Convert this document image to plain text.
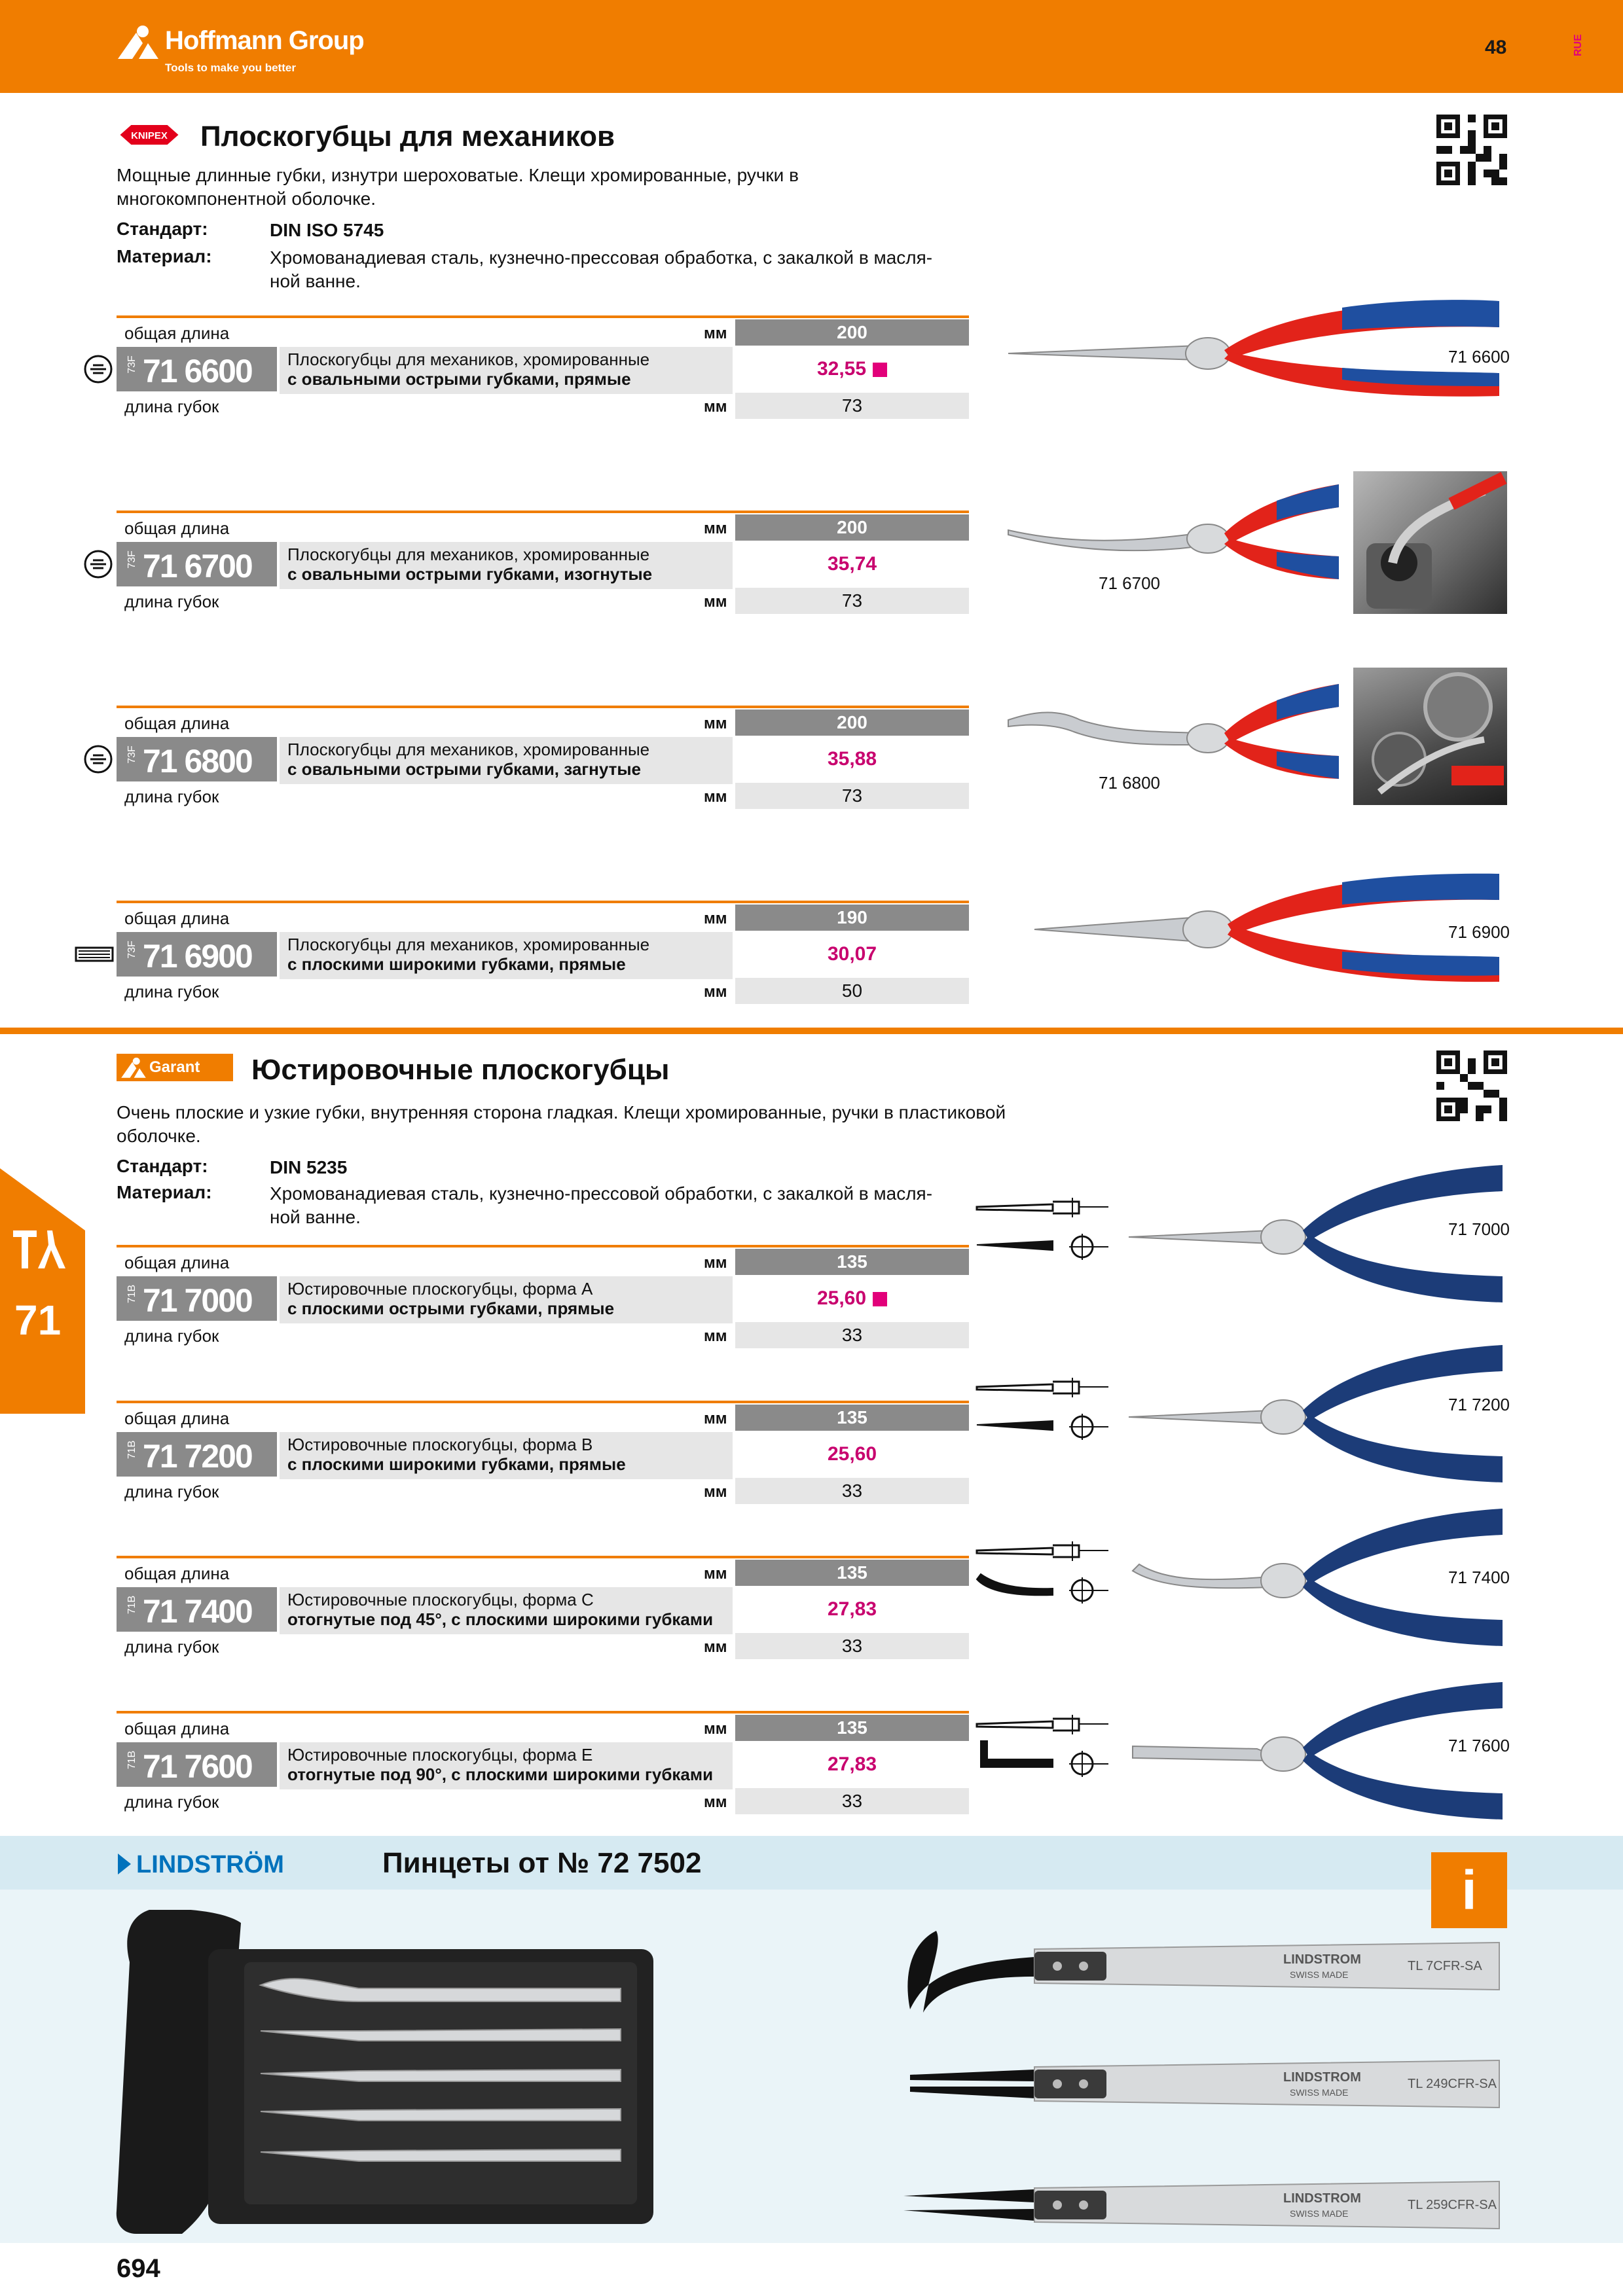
Hoffmann Group
Tools to make you better
48	RUE
KNIPEX Плоскогубцы для механиков
Мощные длинные губки, изнутри шероховатые. Клещи хромированные, ручки в
многокомпонентной оболочке.
Стандарт:	DIN ISO 5745
Материал:	Хромованадиевая сталь, кузнечно-прессовая обработка, с закалкой в масля-
ной ванне.
общая длина	мм	200
73F 71 6600	Плоскогубцы для механиков, хромированные
с овальными острыми губками, прямые	32,55
длина губок	мм	73
общая длина	мм	200
73F 71 6700	Плоскогубцы для механиков, хромированные
с овальными острыми губками, изогнутые	35,74
длина губок	мм	73
общая длина	мм	200
73F 71 6800	Плоскогубцы для механиков, хромированные
с овальными острыми губками, загнутые	35,88
длина губок	мм	73
общая длина	мм	190
73F 71 6900	Плоскогубцы для механиков, хромированные
с плоскими широкими губками, прямые	30,07
длина губок	мм	50
71 6600
71 6700
71 6800
71 6900
Garant Юстировочные плоскогубцы
Очень плоские и узкие губки, внутренняя сторона гладкая. Клещи хромированные, ручки в пластиковой
оболочке.
Стандарт:	DIN 5235
Материал:	Хромованадиевая сталь, кузнечно-прессовой обработки, с закалкой в масля-
ной ванне.
общая длина	мм	135
71B 71 7000	Юстировочные плоскогубцы, форма А
с плоскими острыми губками, прямые	25,60
длина губок	мм	33
общая длина	мм	135
71B 71 7200	Юстировочные плоскогубцы, форма В
с плоскими широкими губками, прямые	25,60
длина губок	мм	33
общая длина	мм	135
71B 71 7400	Юстировочные плоскогубцы, форма С
отогнутые под 45°, с плоскими широкими губками	27,83
длина губок	мм	33
общая длина	мм	135
71B 71 7600	Юстировочные плоскогубцы, форма Е
отогнутые под 90°, с плоскими широкими губками	27,83
длина губок	мм	33
71 7000
71 7200
71 7400
71 7600
71
LINDSTRÖM	Пинцеты от № 72 7502	i
LINDSTROM
SWISS MADE
TL 7CFR-SA
LINDSTROM
SWISS MADE
TL 249CFR-SA
LINDSTROM
SWISS MADE
TL 259CFR-SA
694
